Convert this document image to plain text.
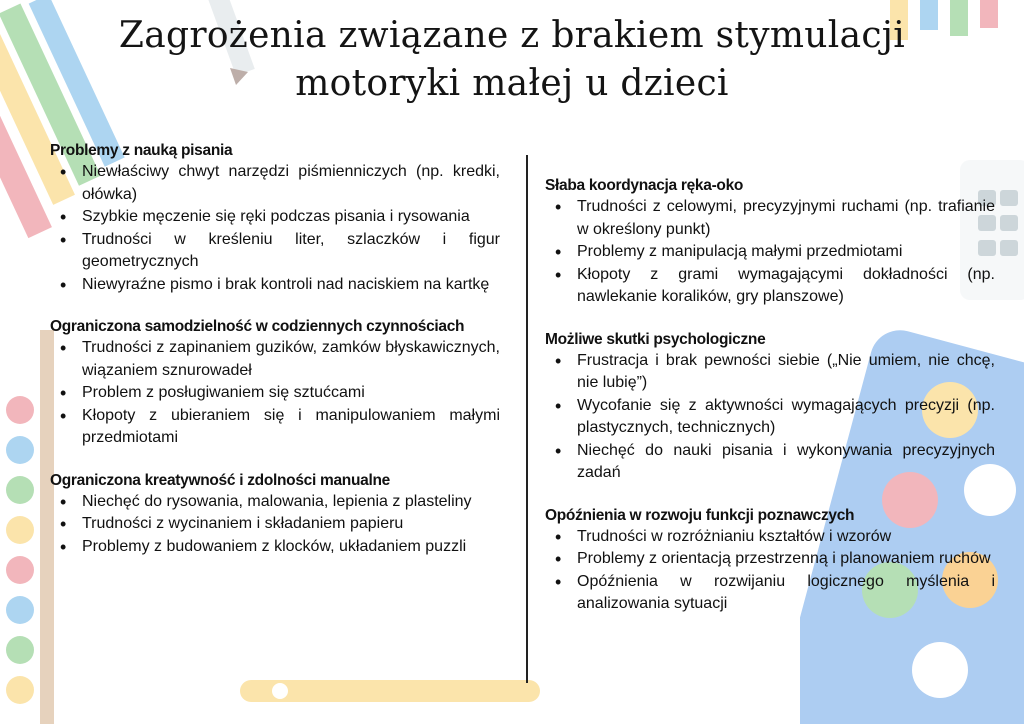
Zagrożenia związane z brakiem stymulacji
motoryki małej u dzieci
Problemy z nauką pisania
• Niewłaściwy chwyt narzędzi piśmienniczych (np. kredki, ołówka)
• Szybkie męczenie się ręki podczas pisania i rysowania
• Trudności w kreśleniu liter, szlaczków i figur geometrycznych
• Niewyraźne pismo i brak kontroli nad naciskiem na kartkę
Ograniczona samodzielność w codziennych czynnościach
• Trudności z zapinaniem guzików, zamków błyskawicznych, wiązaniem sznurowadeł
• Problem z posługiwaniem się sztućcami
• Kłopoty z ubieraniem się i manipulowaniem małymi przedmiotami
Ograniczona kreatywność i zdolności manualne
• Niechęć do rysowania, malowania, lepienia z plasteliny
• Trudności z wycinaniem i składaniem papieru
• Problemy z budowaniem z klocków, układaniem puzzli
Słaba koordynacja ręka-oko
• Trudności z celowymi, precyzyjnymi ruchami (np. trafianie w określony punkt)
• Problemy z manipulacją małymi przedmiotami
• Kłopoty z grami wymagającymi dokładności (np. nawlekanie koralików, gry planszowe)
Możliwe skutki psychologiczne
• Frustracja i brak pewności siebie („Nie umiem, nie chcę, nie lubię”)
• Wycofanie się z aktywności wymagających precyzji (np. plastycznych, technicznych)
• Niechęć do nauki pisania i wykonywania precyzyjnych zadań
Opóźnienia w rozwoju funkcji poznawczych
• Trudności w rozróżnianiu kształtów i wzorów
• Problemy z orientacją przestrzenną i planowaniem ruchów
• Opóźnienia w rozwijaniu logicznego myślenia i analizowania sytuacji
